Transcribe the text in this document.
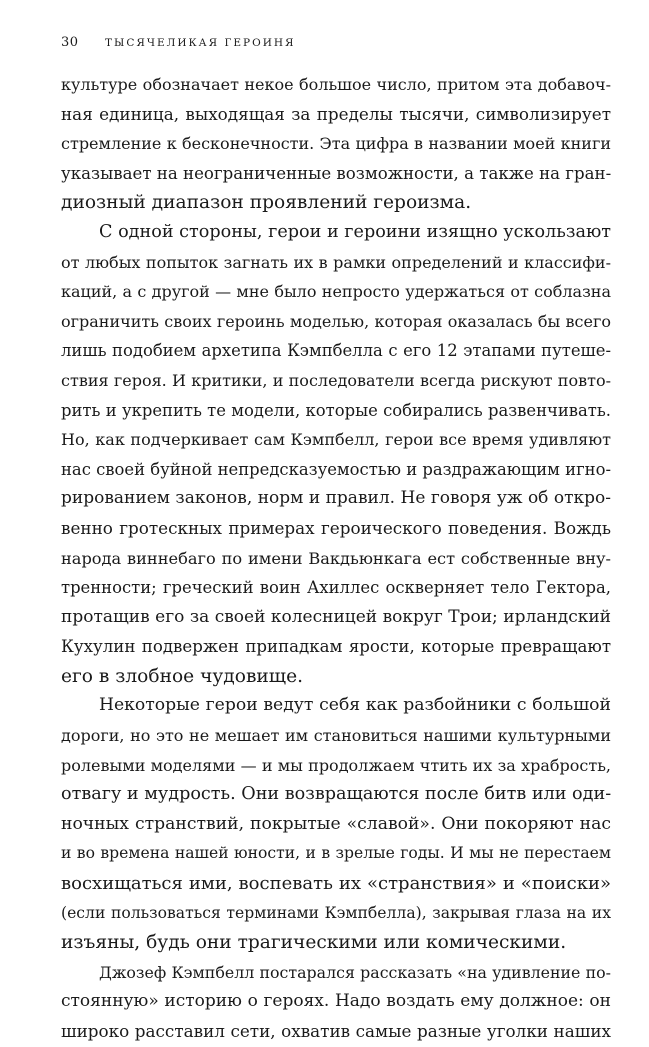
30	ТЫСЯЧЕЛИКАЯ ГЕРОИНЯ
культуре обозначает некое большое число, притом эта добавоч-
ная единица, выходящая за пределы тысячи, символизирует
стремление к бесконечности. Эта цифра в названии моей книги
указывает на неограниченные возможности, а также на гран-
диозный диапазон проявлений героизма.
С одной стороны, герои и героини изящно ускользают
от любых попыток загнать их в рамки определений и классифи-
каций, а с другой — мне было непросто удержаться от соблазна
ограничить своих героинь моделью, которая оказалась бы всего
лишь подобием архетипа Кэмпбелла с его 12 этапами путеше-
ствия героя. И критики, и последователи всегда рискуют повто-
рить и укрепить те модели, которые собирались развенчивать.
Но, как подчеркивает сам Кэмпбелл, герои все время удивляют
нас своей буйной непредсказуемостью и раздражающим игно-
рированием законов, норм и правил. Не говоря уж об откро-
венно гротескных примерах героического поведения. Вождь
народа виннебаго по имени Вакдьюнкага ест собственные вну-
тренности; греческий воин Ахиллес оскверняет тело Гектора,
протащив его за своей колесницей вокруг Трои; ирландский
Кухулин подвержен припадкам ярости, которые превращают
его в злобное чудовище.
Некоторые герои ведут себя как разбойники с большой
дороги, но это не мешает им становиться нашими культурными
ролевыми моделями — и мы продолжаем чтить их за храбрость,
отвагу и мудрость. Они возвращаются после битв или оди-
ночных странствий, покрытые «славой». Они покоряют нас
и во времена нашей юности, и в зрелые годы. И мы не перестаем
восхищаться ими, воспевать их «странствия» и «поиски»
(если пользоваться терминами Кэмпбелла), закрывая глаза на их
изъяны, будь они трагическими или комическими.
Джозеф Кэмпбелл постарался рассказать «на удивление по-
стоянную» историю о героях. Надо воздать ему должное: он
широко расставил сети, охватив самые разные уголки наших
